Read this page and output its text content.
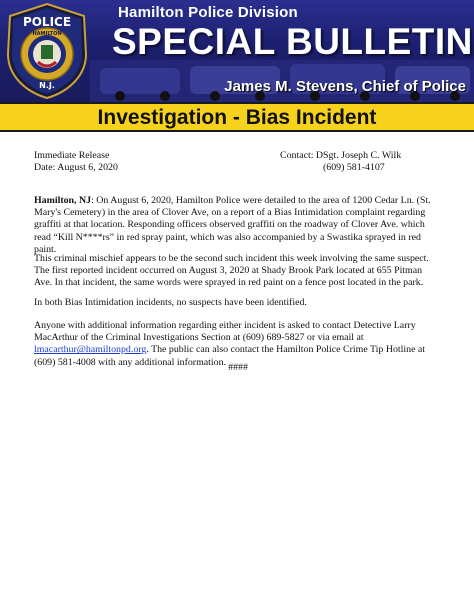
POLICE
HAMILTON
N.J.
Hamilton Police Division
SPECIAL BULLETIN
James M. Stevens, Chief of Police
Investigation - Bias Incident
Immediate Release
Date: August 6, 2020
Contact: DSgt. Joseph C. Wilk
(609) 581-4107

Hamilton, NJ: On August 6, 2020, Hamilton Police were detailed to the area of 1200 Cedar Ln. (St. Mary's Cemetery) in the area of Clover Ave, on a report of a Bias Intimidation complaint regarding graffiti at that location. Responding officers observed graffiti on the roadway of Clover Ave. which read “Kill N****rs” in red spray paint, which was also accompanied by a Swastika sprayed in red paint.

This criminal mischief appears to be the second such incident this week involving the same suspect. The first reported incident occurred on August 3, 2020 at Shady Brook Park located at 655 Pitman Ave. In that incident, the same words were sprayed in red paint on a fence post located in the park.

In both Bias Intimidation incidents, no suspects have been identified.

Anyone with additional information regarding either incident is asked to contact Detective Larry MacArthur of the Criminal Investigations Section at (609) 689-5827 or via email at lmacarthur@hamiltonpd.org. The public can also contact the Hamilton Police Crime Tip Hotline at (609) 581-4008 with any additional information. ####
